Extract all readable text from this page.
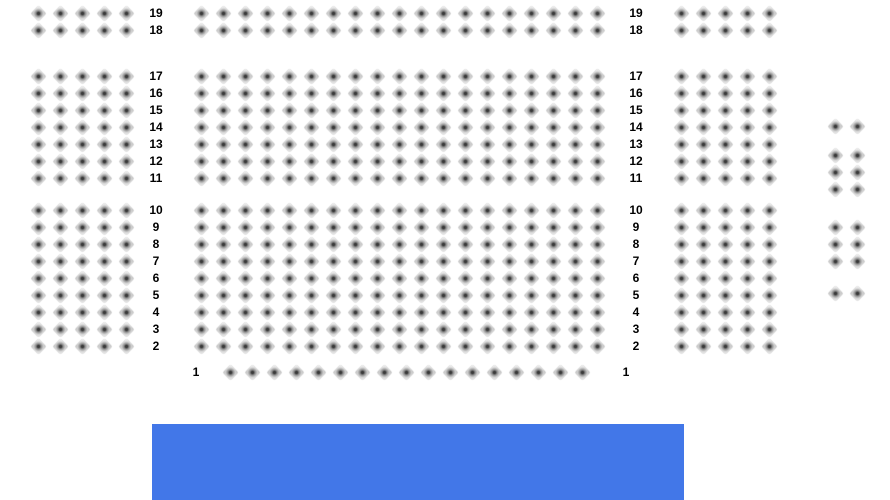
19
18
19
18
17
16
15
14
13
12
11
17
16
15
14
13
12
11
10
9
8
7
6
5
4
3
2
10
9
8
7
6
5
4
3
2
1
1
